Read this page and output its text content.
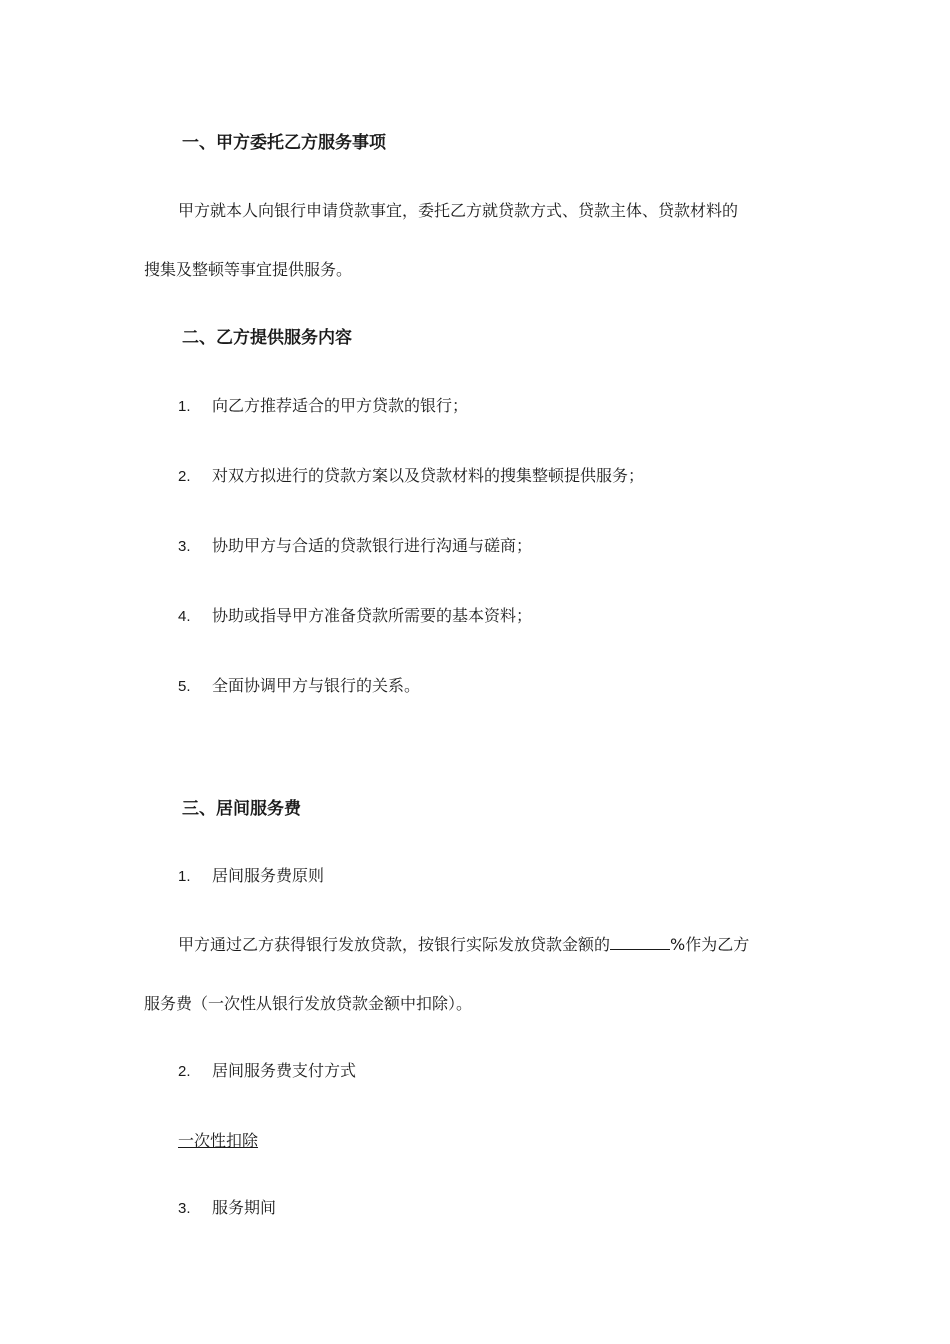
一、甲方委托乙方服务事项
甲方就本人向银行申请贷款事宜，委托乙方就贷款方式、贷款主体、贷款材料的
搜集及整顿等事宜提供服务。
二、乙方提供服务内容
1. 向乙方推荐适合的甲方贷款的银行；
2. 对双方拟进行的贷款方案以及贷款材料的搜集整顿提供服务；
3. 协助甲方与合适的贷款银行进行沟通与磋商；
4. 协助或指导甲方准备贷款所需要的基本资料；
5. 全面协调甲方与银行的关系。
三、居间服务费
1. 居间服务费原则
甲方通过乙方获得银行发放贷款，按银行实际发放贷款金额的	%作为乙方
服务费（一次性从银行发放贷款金额中扣除）。
2. 居间服务费支付方式
一次性扣除
3. 服务期间
